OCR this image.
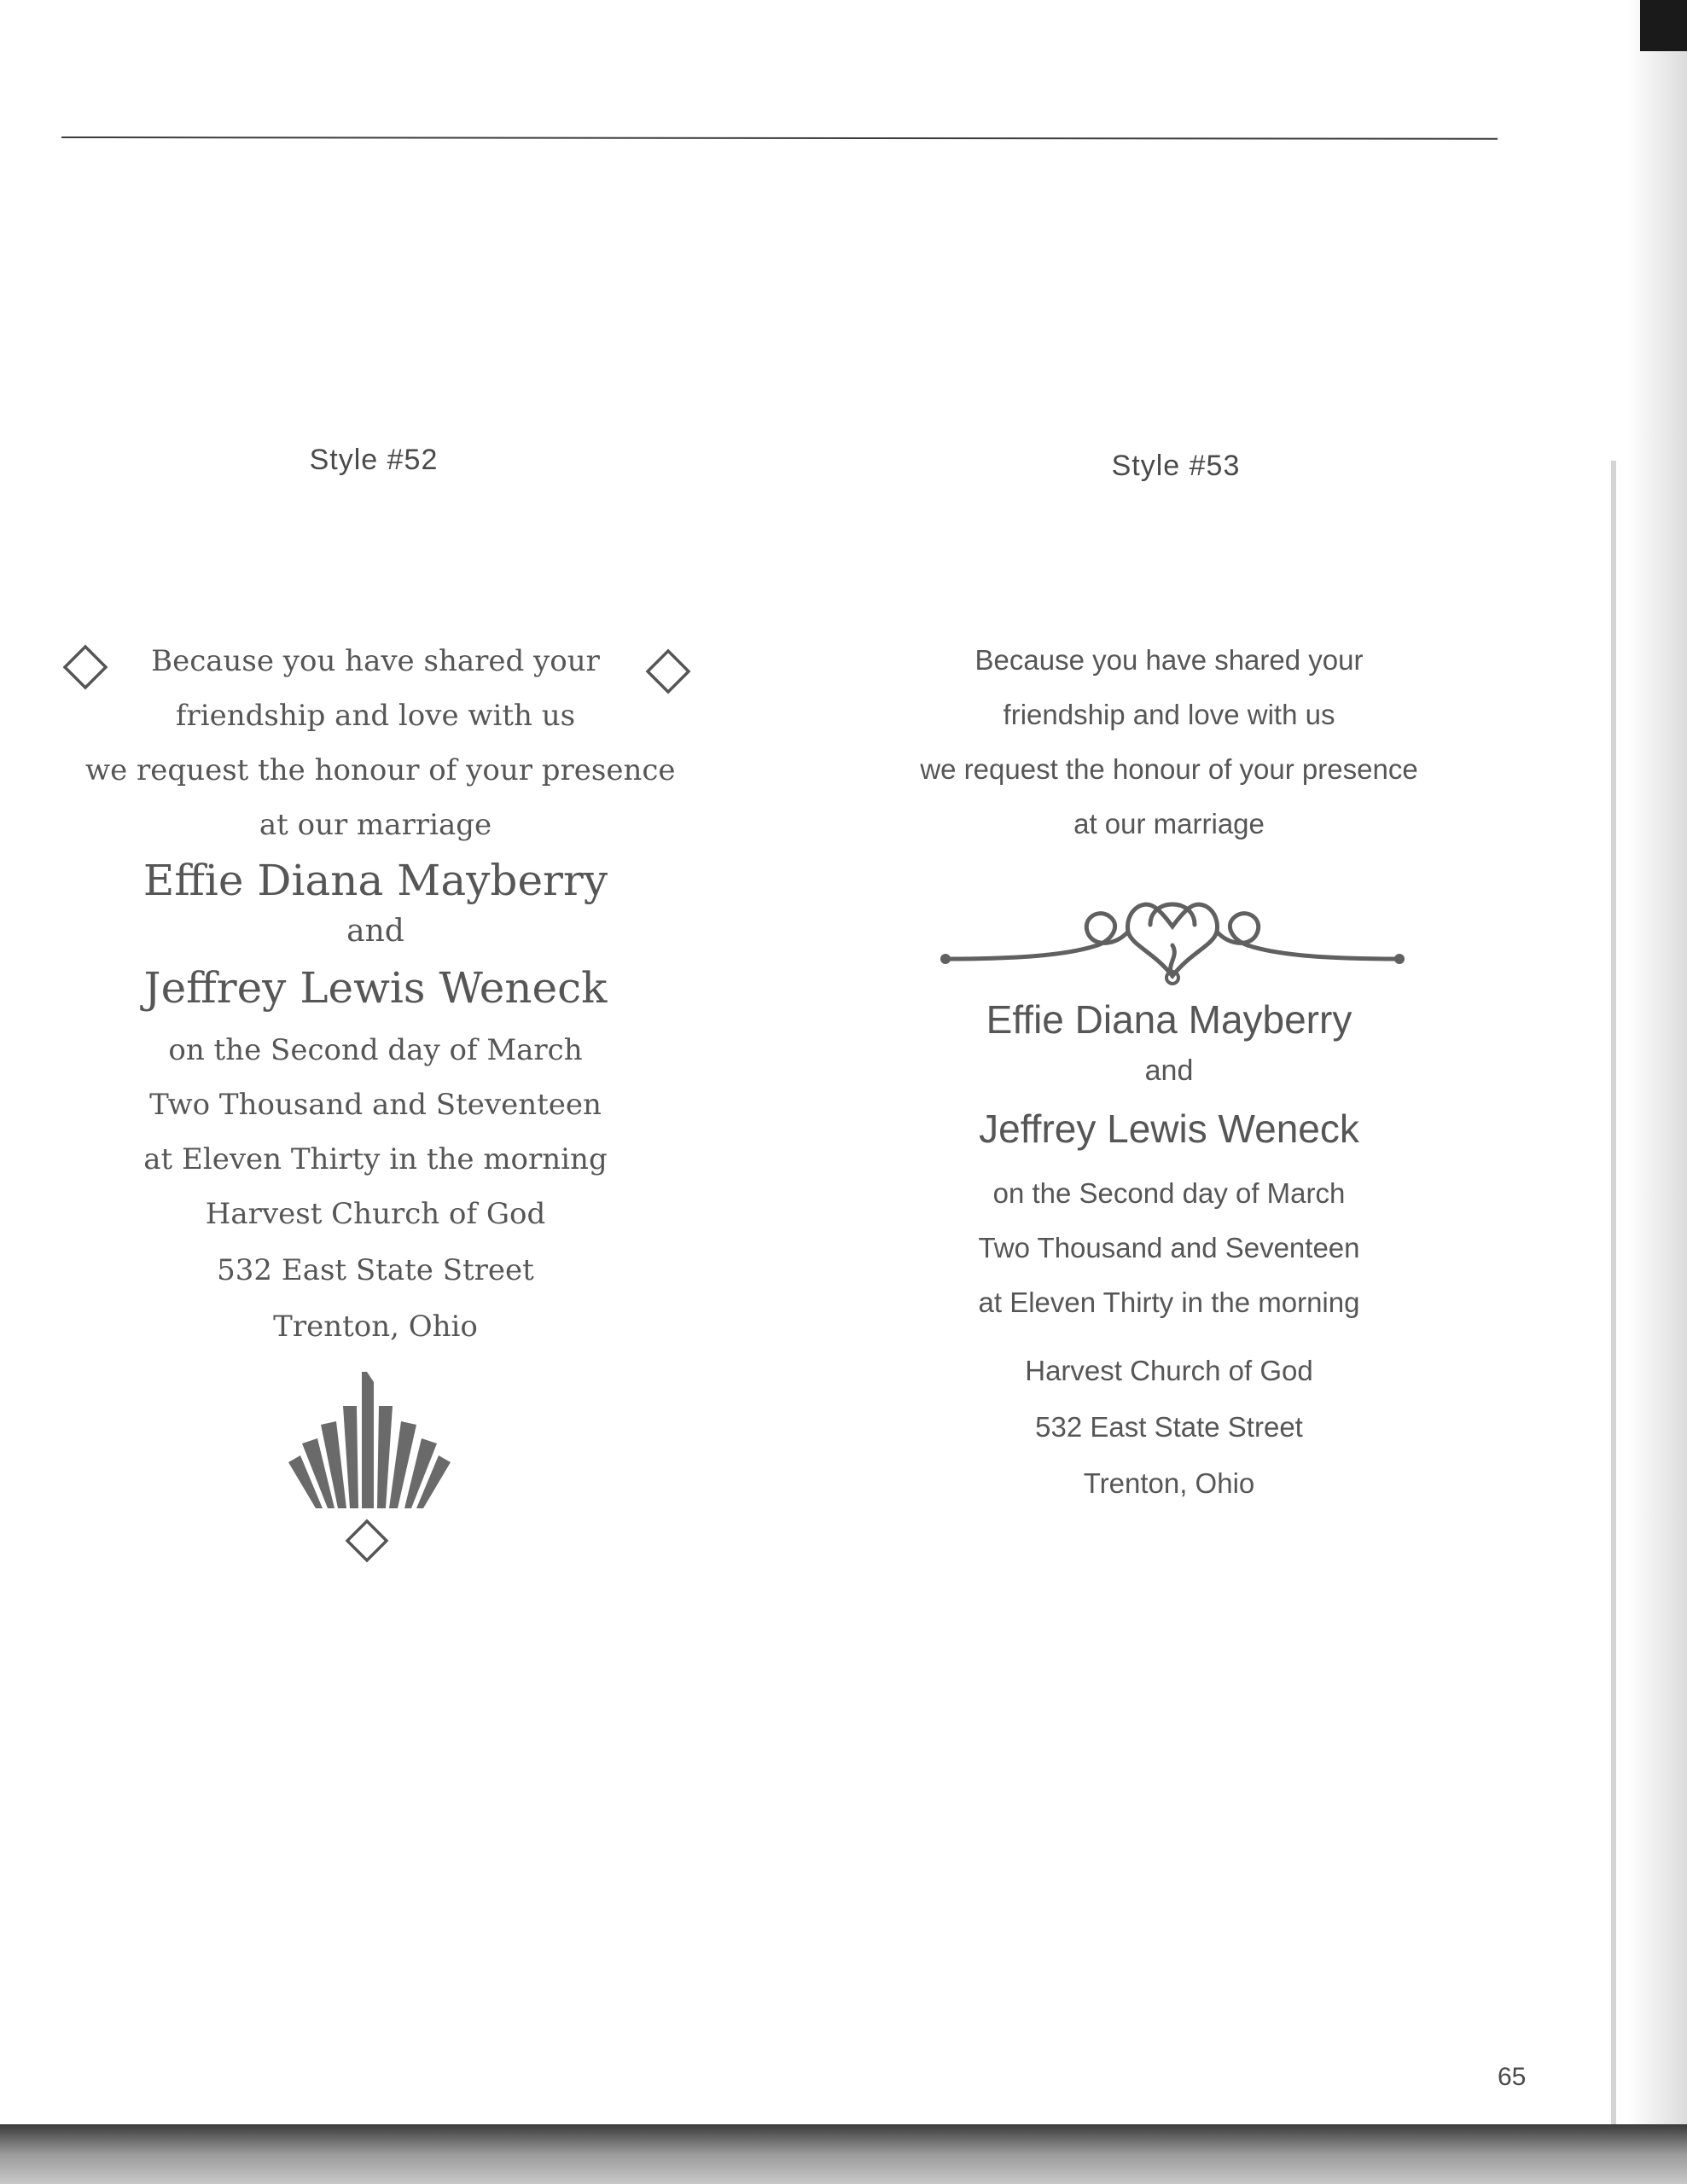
Style #52	Style #53
Because you have shared your
friendship and love with us
we request the honour of your presence
at our marriage
Effie Diana Mayberry
and
Jeffrey Lewis Weneck
on the Second day of March
Two Thousand and Steventeen
at Eleven Thirty in the morning
Harvest Church of God
532 East State Street
Trenton, Ohio
Because you have shared your
friendship and love with us
we request the honour of your presence
at our marriage
Effie Diana Mayberry
and
Jeffrey Lewis Weneck
on the Second day of March
Two Thousand and Seventeen
at Eleven Thirty in the morning
Harvest Church of God
532 East State Street
Trenton, Ohio
65
